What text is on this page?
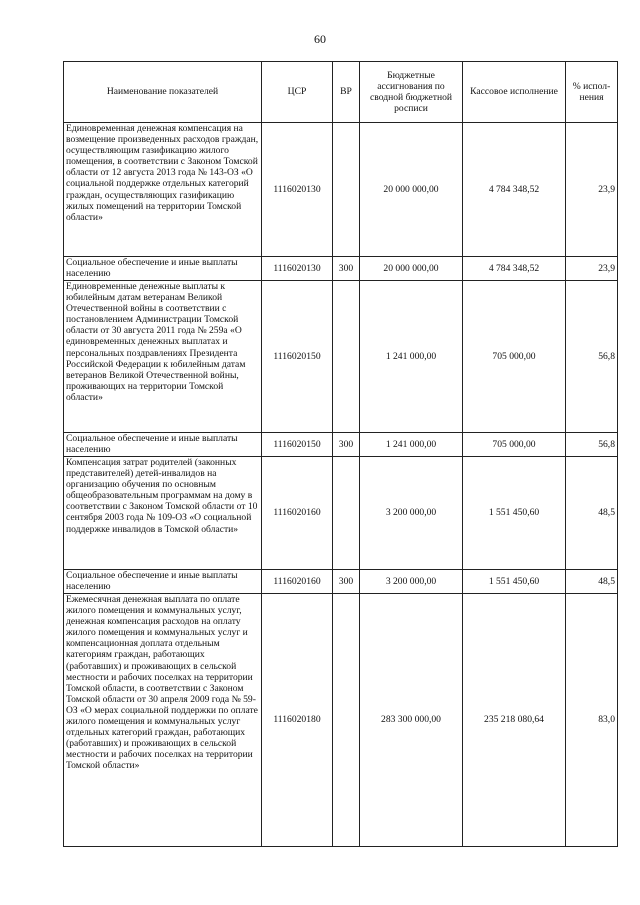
60
Наименование показателей	ЦСР	ВР	Бюджетные ассигнования по сводной бюджетной росписи	Кассовое исполнение	% испол-нения
Единовременная денежная компенсация на возмещение произведенных расходов граждан, осуществляющим газификацию жилого помещения, в соответствии с Законом Томской области от 12 августа 2013 года № 143-ОЗ «О социальной поддержке отдельных категорий граждан, осуществляющих газификацию жилых помещений на территории Томской области»	1116020130		20 000 000,00	4 784 348,52	23,9
Социальное обеспечение и иные выплаты населению	1116020130	300	20 000 000,00	4 784 348,52	23,9
Единовременные денежные выплаты к юбилейным датам ветеранам Великой Отечественной войны в соответствии с постановлением Администрации Томской области от 30 августа 2011 года № 259а «О единовременных денежных выплатах и персональных поздравлениях Президента Российской Федерации к юбилейным датам ветеранов Великой Отечественной войны, проживающих на территории Томской области»	1116020150		1 241 000,00	705 000,00	56,8
Социальное обеспечение и иные выплаты населению	1116020150	300	1 241 000,00	705 000,00	56,8
Компенсация затрат родителей (законных представителей) детей-инвалидов на организацию обучения по основным общеобразовательным программам на дому в соответствии с Законом Томской области от 10 сентября 2003 года № 109-ОЗ «О социальной поддержке инвалидов в Томской области»	1116020160		3 200 000,00	1 551 450,60	48,5
Социальное обеспечение и иные выплаты населению	1116020160	300	3 200 000,00	1 551 450,60	48,5
Ежемесячная денежная выплата по оплате жилого помещения и коммунальных услуг, денежная компенсация расходов на оплату жилого помещения и коммунальных услуг и компенсационная доплата отдельным категориям граждан, работающих (работавших) и проживающих в сельской местности и рабочих поселках на территории Томской области, в соответствии с Законом Томской области от 30 апреля 2009 года № 59-ОЗ «О мерах социальной поддержки по оплате жилого помещения и коммунальных услуг отдельных категорий граждан, работающих (работавших) и проживающих в сельской местности и рабочих поселках на территории Томской области»	1116020180		283 300 000,00	235 218 080,64	83,0
